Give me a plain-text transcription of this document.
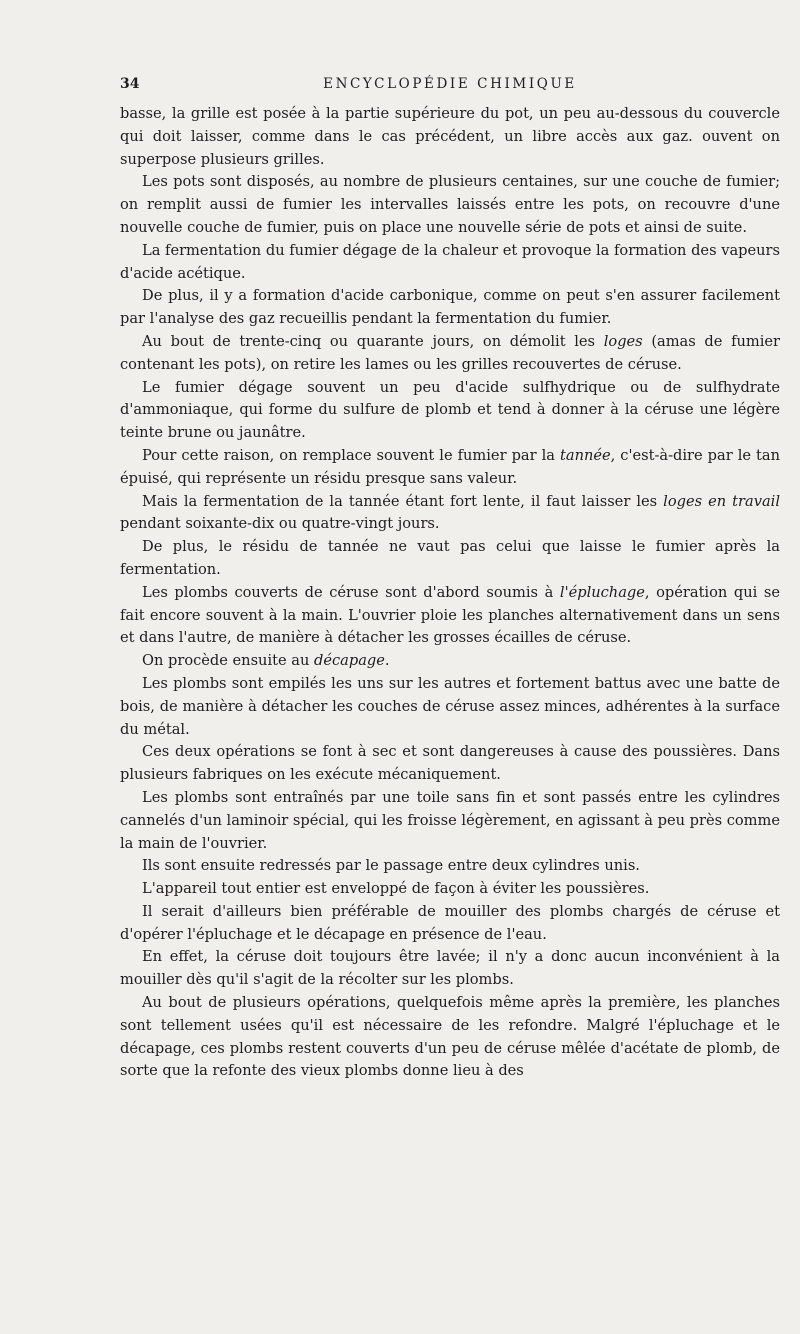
34	ENCYCLOPÉDIE CHIMIQUE

basse, la grille est posée à la partie supérieure du pot, un peu au-dessous du couvercle qui doit laisser, comme dans le cas précédent, un libre accès aux gaz. ouvent on superpose plusieurs grilles.

Les pots sont disposés, au nombre de plusieurs centaines, sur une couche de fumier; on remplit aussi de fumier les intervalles laissés entre les pots, on recouvre d'une nouvelle couche de fumier, puis on place une nouvelle série de pots et ainsi de suite.

La fermentation du fumier dégage de la chaleur et provoque la formation des vapeurs d'acide acétique.

De plus, il y a formation d'acide carbonique, comme on peut s'en assurer facilement par l'analyse des gaz recueillis pendant la fermentation du fumier.

Au bout de trente-cinq ou quarante jours, on démolit les loges (amas de fumier contenant les pots), on retire les lames ou les grilles recouvertes de céruse.

Le fumier dégage souvent un peu d'acide sulfhydrique ou de sulfhydrate d'ammoniaque, qui forme du sulfure de plomb et tend à donner à la céruse une légère teinte brune ou jaunâtre.

Pour cette raison, on remplace souvent le fumier par la tannée, c'est-à-dire par le tan épuisé, qui représente un résidu presque sans valeur.

Mais la fermentation de la tannée étant fort lente, il faut laisser les loges en travail pendant soixante-dix ou quatre-vingt jours.

De plus, le résidu de tannée ne vaut pas celui que laisse le fumier après la fermentation.

Les plombs couverts de céruse sont d'abord soumis à l'épluchage, opération qui se fait encore souvent à la main. L'ouvrier ploie les planches alternativement dans un sens et dans l'autre, de manière à détacher les grosses écailles de céruse.

On procède ensuite au décapage.

Les plombs sont empilés les uns sur les autres et fortement battus avec une batte de bois, de manière à détacher les couches de céruse assez minces, adhérentes à la surface du métal.

Ces deux opérations se font à sec et sont dangereuses à cause des poussières. Dans plusieurs fabriques on les exécute mécaniquement.

Les plombs sont entraînés par une toile sans fin et sont passés entre les cylindres cannelés d'un laminoir spécial, qui les froisse légèrement, en agissant à peu près comme la main de l'ouvrier.

Ils sont ensuite redressés par le passage entre deux cylindres unis.

L'appareil tout entier est enveloppé de façon à éviter les poussières.

Il serait d'ailleurs bien préférable de mouiller des plombs chargés de céruse et d'opérer l'épluchage et le décapage en présence de l'eau.

En effet, la céruse doit toujours être lavée; il n'y a donc aucun inconvénient à la mouiller dès qu'il s'agit de la récolter sur les plombs.

Au bout de plusieurs opérations, quelquefois même après la première, les planches sont tellement usées qu'il est nécessaire de les refondre. Malgré l'épluchage et le décapage, ces plombs restent couverts d'un peu de céruse mêlée d'acétate de plomb, de sorte que la refonte des vieux plombs donne lieu à des
